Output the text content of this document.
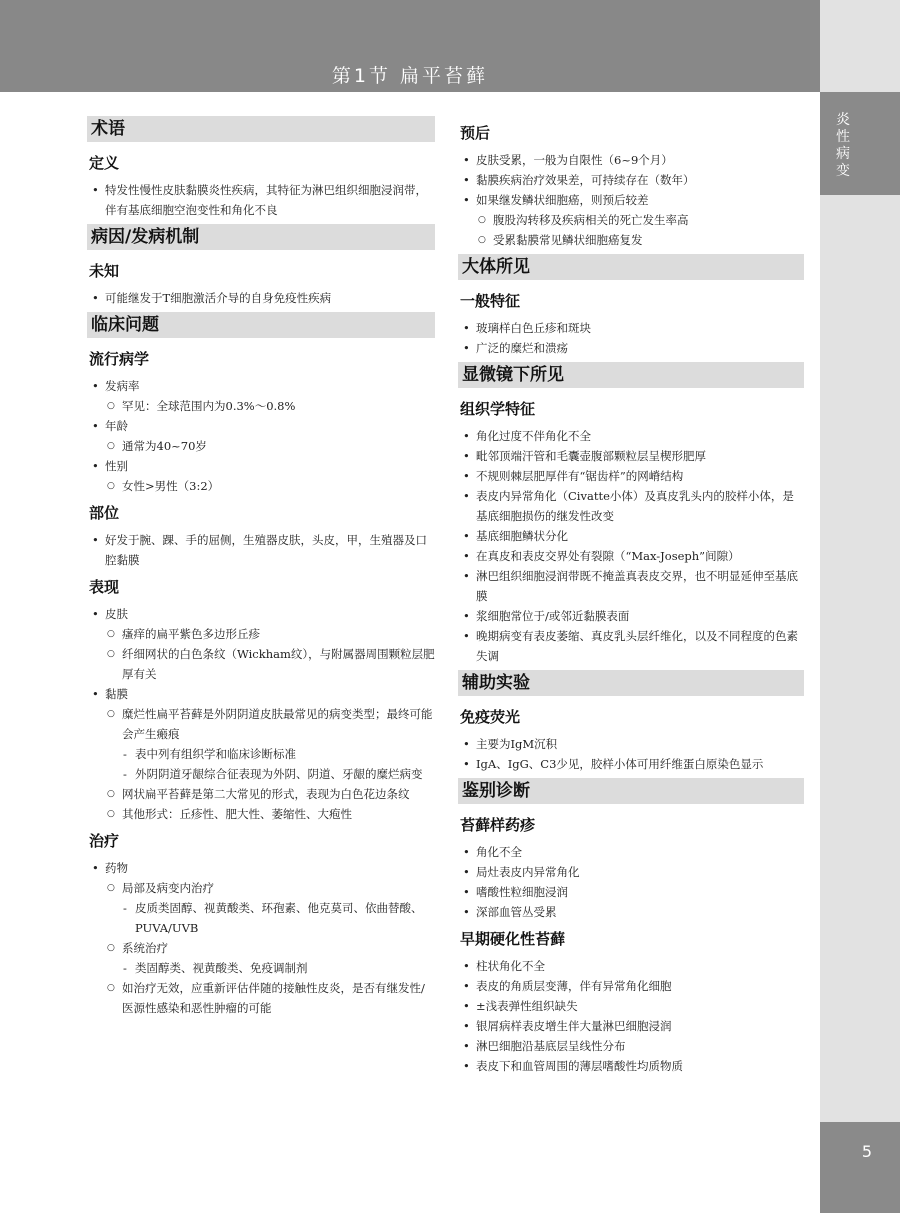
第1节 扁平苔藓
炎性病变
5
术语
定义
• 特发性慢性皮肤黏膜炎性疾病，其特征为淋巴组织细胞浸润带，伴有基底细胞空泡变性和角化不良
病因/发病机制
未知
• 可能继发于T细胞激活介导的自身免疫性疾病
临床问题
流行病学
• 发病率
○ 罕见：全球范围内为0.3%～0.8%
• 年龄
○ 通常为40~70岁
• 性别
○ 女性>男性（3:2）
部位
• 好发于腕、踝、手的屈侧，生殖器皮肤，头皮，甲，生殖器及口腔黏膜
表现
• 皮肤
○ 瘙痒的扁平紫色多边形丘疹
○ 纤细网状的白色条纹（Wickham纹），与附属器周围颗粒层肥厚有关
• 黏膜
○ 糜烂性扁平苔藓是外阴阴道皮肤最常见的病变类型；最终可能会产生瘢痕
- 表中列有组织学和临床诊断标准
- 外阴阴道牙龈综合征表现为外阴、阴道、牙龈的糜烂病变
○ 网状扁平苔藓是第二大常见的形式，表现为白色花边条纹
○ 其他形式：丘疹性、肥大性、萎缩性、大疱性
治疗
• 药物
○ 局部及病变内治疗
- 皮质类固醇、视黄酸类、环孢素、他克莫司、依曲替酸、PUVA/UVB
○ 系统治疗
- 类固醇类、视黄酸类、免疫调制剂
○ 如治疗无效，应重新评估伴随的接触性皮炎，是否有继发性/医源性感染和恶性肿瘤的可能
预后
• 皮肤受累，一般为自限性（6~9个月）
• 黏膜疾病治疗效果差，可持续存在（数年）
• 如果继发鳞状细胞癌，则预后较差
○ 腹股沟转移及疾病相关的死亡发生率高
○ 受累黏膜常见鳞状细胞癌复发
大体所见
一般特征
• 玻璃样白色丘疹和斑块
• 广泛的糜烂和溃疡
显微镜下所见
组织学特征
• 角化过度不伴角化不全
• 毗邻顶端汗管和毛囊壶腹部颗粒层呈楔形肥厚
• 不规则棘层肥厚伴有“锯齿样”的网嵴结构
• 表皮内异常角化（Civatte小体）及真皮乳头内的胶样小体，是基底细胞损伤的继发性改变
• 基底细胞鳞状分化
• 在真皮和表皮交界处有裂隙（“Max-Joseph”间隙）
• 淋巴组织细胞浸润带既不掩盖真表皮交界，也不明显延伸至基底膜
• 浆细胞常位于/或邻近黏膜表面
• 晚期病变有表皮萎缩、真皮乳头层纤维化，以及不同程度的色素失调
辅助实验
免疫荧光
• 主要为IgM沉积
• IgA、IgG、C3少见，胶样小体可用纤维蛋白原染色显示
鉴别诊断
苔藓样药疹
• 角化不全
• 局灶表皮内异常角化
• 嗜酸性粒细胞浸润
• 深部血管丛受累
早期硬化性苔藓
• 柱状角化不全
• 表皮的角质层变薄，伴有异常角化细胞
• ±浅表弹性组织缺失
• 银屑病样表皮增生伴大量淋巴细胞浸润
• 淋巴细胞沿基底层呈线性分布
• 表皮下和血管周围的薄层嗜酸性均质物质
